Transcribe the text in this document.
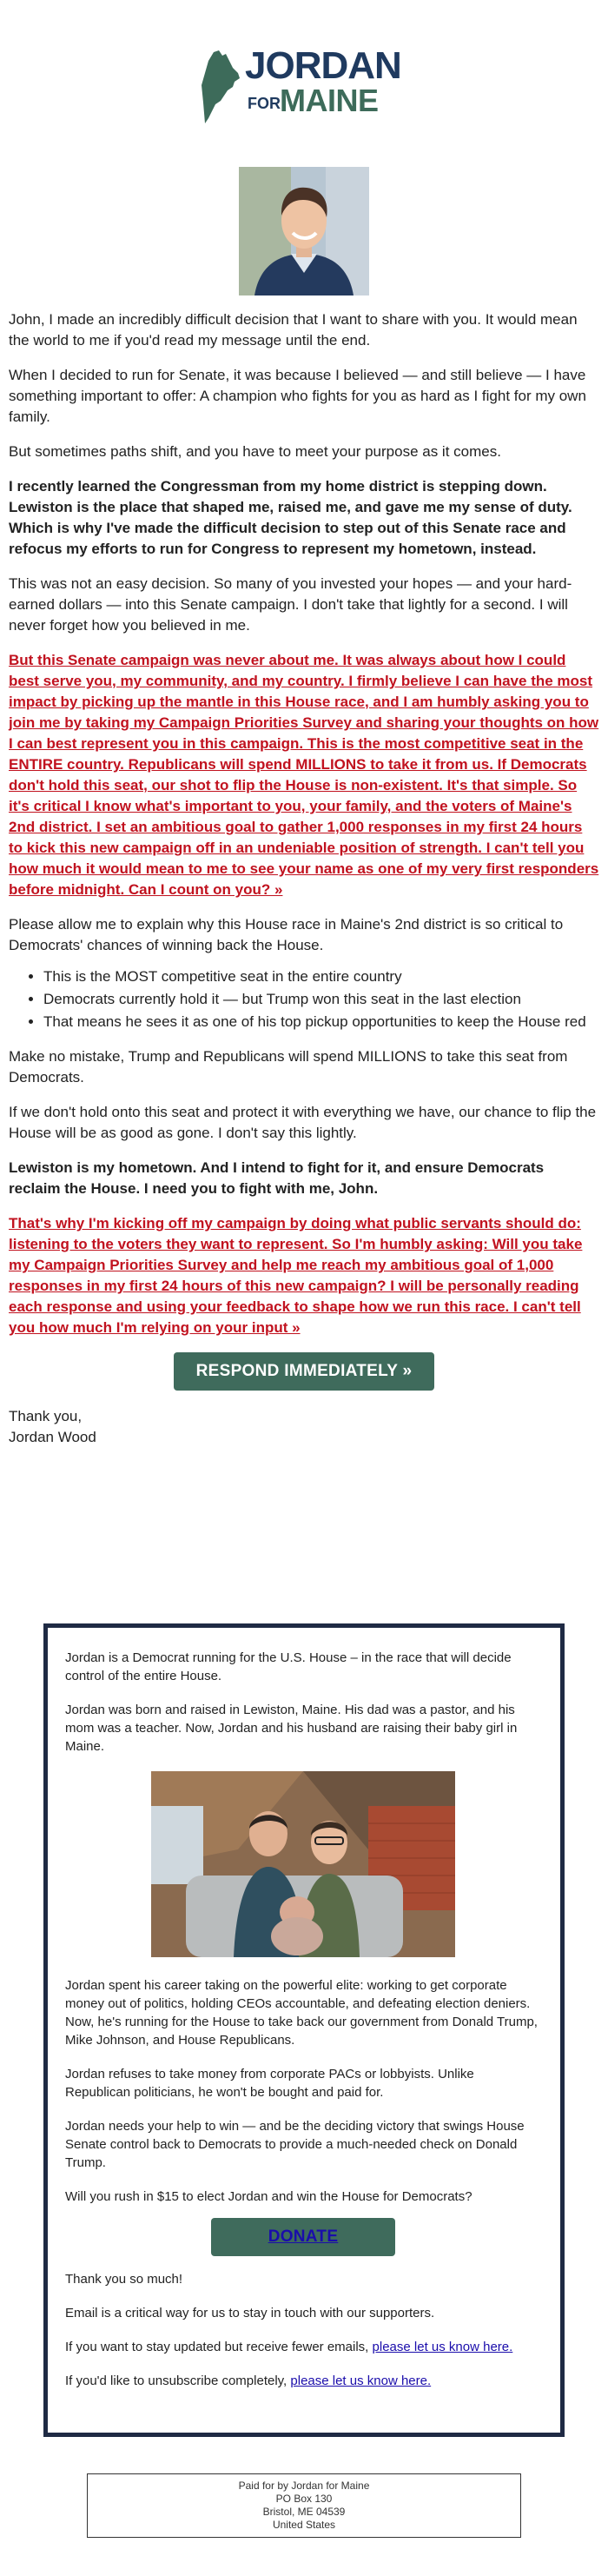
JORDAN
FOR MAINE

John, I made an incredibly difficult decision that I want to share with you. It would mean the world to me if you'd read my message until the end.

When I decided to run for Senate, it was because I believed — and still believe — I have something important to offer: A champion who fights for you as hard as I fight for my own family.

But sometimes paths shift, and you have to meet your purpose as it comes.

I recently learned the Congressman from my home district is stepping down. Lewiston is the place that shaped me, raised me, and gave me my sense of duty. Which is why I've made the difficult decision to step out of this Senate race and refocus my efforts to run for Congress to represent my hometown, instead.

This was not an easy decision. So many of you invested your hopes — and your hard-earned dollars — into this Senate campaign. I don't take that lightly for a second. I will never forget how you believed in me.

But this Senate campaign was never about me. It was always about how I could best serve you, my community, and my country. I firmly believe I can have the most impact by picking up the mantle in this House race, and I am humbly asking you to join me by taking my Campaign Priorities Survey and sharing your thoughts on how I can best represent you in this campaign. This is the most competitive seat in the ENTIRE country. Republicans will spend MILLIONS to take it from us. If Democrats don't hold this seat, our shot to flip the House is non-existent. It's that simple. So it's critical I know what's important to you, your family, and the voters of Maine's 2nd district. I set an ambitious goal to gather 1,000 responses in my first 24 hours to kick this new campaign off in an undeniable position of strength. I can't tell you how much it would mean to me to see your name as one of my very first responders before midnight. Can I count on you? »

Please allow me to explain why this House race in Maine's 2nd district is so critical to Democrats' chances of winning back the House.

• This is the MOST competitive seat in the entire country
• Democrats currently hold it — but Trump won this seat in the last election
• That means he sees it as one of his top pickup opportunities to keep the House red

Make no mistake, Trump and Republicans will spend MILLIONS to take this seat from Democrats.

If we don't hold onto this seat and protect it with everything we have, our chance to flip the House will be as good as gone. I don't say this lightly.

Lewiston is my hometown. And I intend to fight for it, and ensure Democrats reclaim the House. I need you to fight with me, John.

That's why I'm kicking off my campaign by doing what public servants should do: listening to the voters they want to represent. So I'm humbly asking: Will you take my Campaign Priorities Survey and help me reach my ambitious goal of 1,000 responses in my first 24 hours of this new campaign? I will be personally reading each response and using your feedback to shape how we run this race. I can't tell you how much I'm relying on your input »
RESPOND IMMEDIATELY »

Thank you,

Jordan Wood

Jordan is a Democrat running for the U.S. House – in the race that will decide control of the entire House.

Jordan was born and raised in Lewiston, Maine. His dad was a pastor, and his mom was a teacher. Now, Jordan and his husband are raising their baby girl in Maine.

Jordan spent his career taking on the powerful elite: working to get corporate money out of politics, holding CEOs accountable, and defeating election deniers. Now, he's running for the House to take back our government from Donald Trump, Mike Johnson, and House Republicans.

Jordan refuses to take money from corporate PACs or lobbyists. Unlike Republican politicians, he won't be bought and paid for.

Jordan needs your help to win — and be the deciding victory that swings House Senate control back to Democrats to provide a much-needed check on Donald Trump.

Will you rush in $15 to elect Jordan and win the House for Democrats?

DONATE

Thank you so much!

Email is a critical way for us to stay in touch with our supporters.

If you want to stay updated but receive fewer emails, please let us know here.

If you'd like to unsubscribe completely, please let us know here.

Paid for by Jordan for Maine
PO Box 130
Bristol, ME 04539
United States
